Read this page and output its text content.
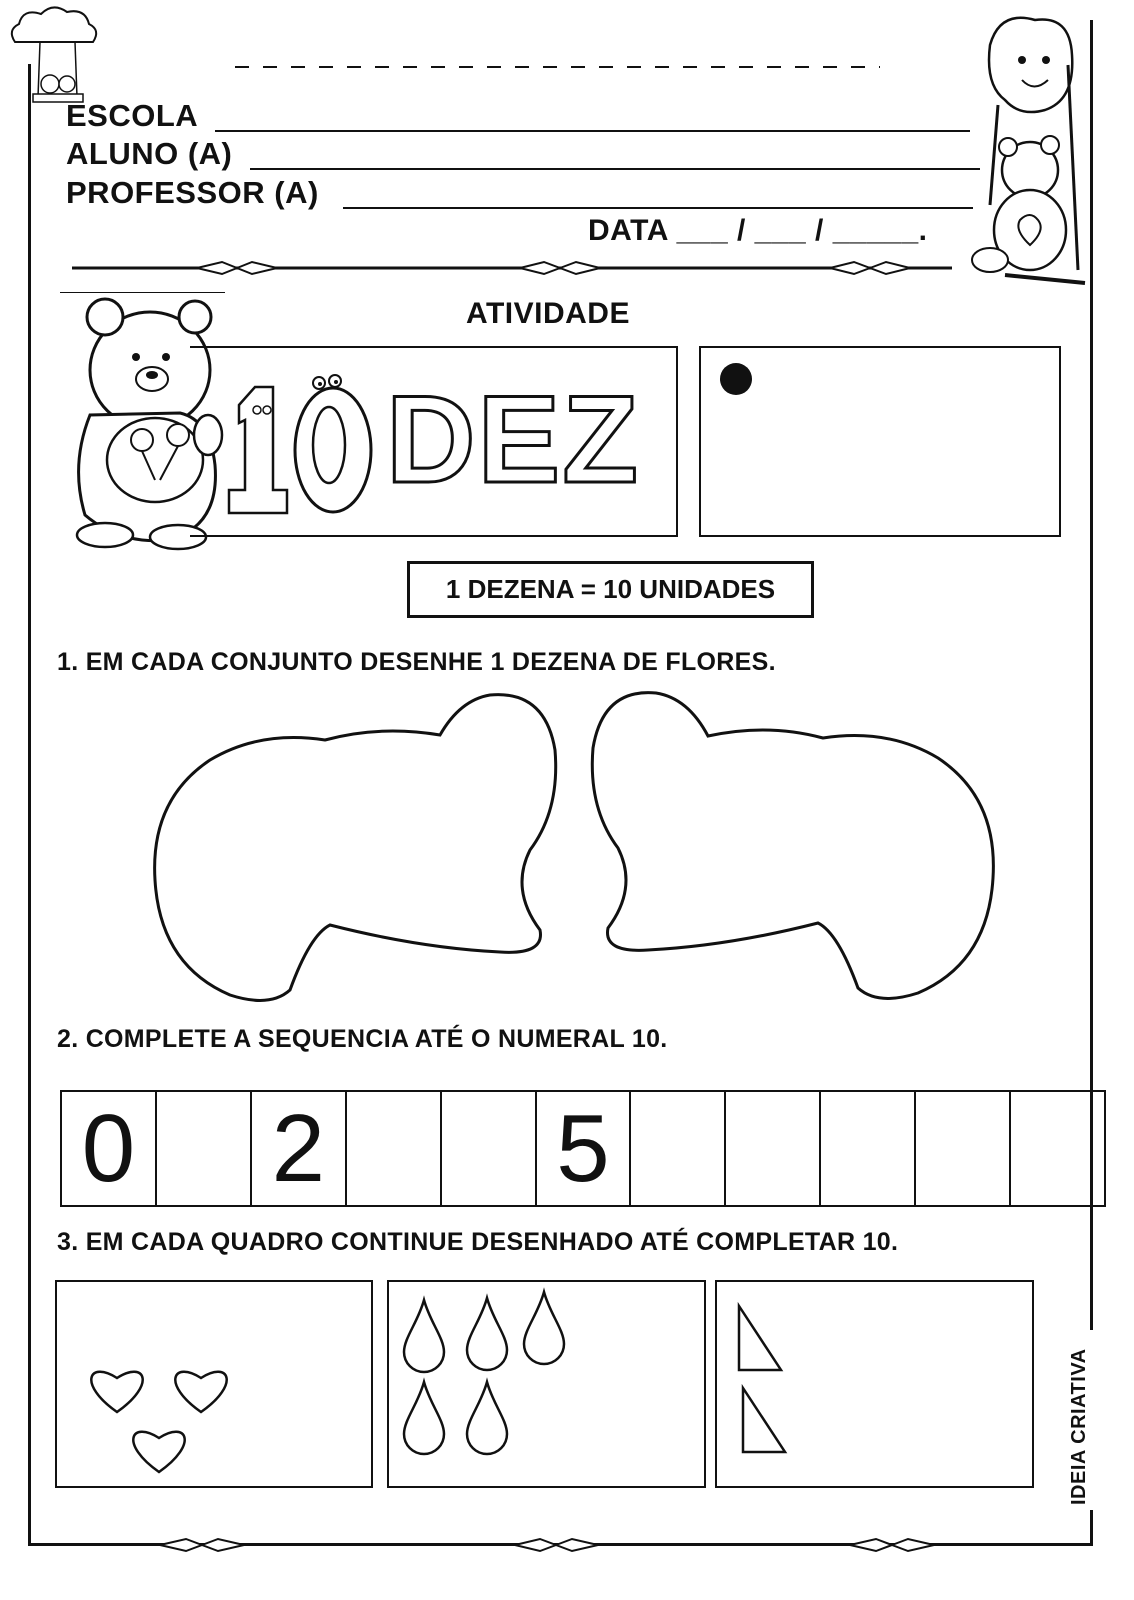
ESCOLA
ALUNO (A)
PROFESSOR (A)
DATA ___ / ___ / _____.
ATIVIDADE
10
DEZ
1 DEZENA = 10 UNIDADES
1. EM CADA CONJUNTO DESENHE 1 DEZENA DE FLORES.
2. COMPLETE A SEQUENCIA ATÉ O NUMERAL 10.
0 2 5
3. EM CADA QUADRO CONTINUE DESENHADO ATÉ COMPLETAR 10.
IDEIA CRIATIVA
